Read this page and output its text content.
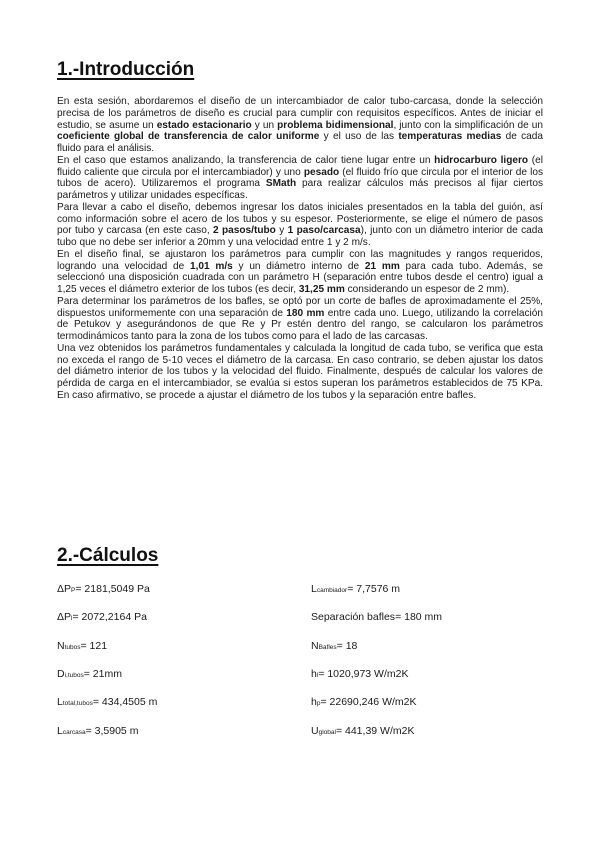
1.-Introducción

En esta sesión, abordaremos el diseño de un intercambiador de calor tubo-carcasa, donde la selección precisa de los parámetros de diseño es crucial para cumplir con requisitos específicos. Antes de iniciar el estudio, se asume un estado estacionario y un problema bidimensional, junto con la simplificación de un coeficiente global de transferencia de calor uniforme y el uso de las temperaturas medias de cada fluido para el análisis.

En el caso que estamos analizando, la transferencia de calor tiene lugar entre un hidrocarburo ligero (el fluido caliente que circula por el intercambiador) y uno pesado (el fluido frío que circula por el interior de los tubos de acero). Utilizaremos el programa SMath para realizar cálculos más precisos al fijar ciertos parámetros y utilizar unidades específicas.

Para llevar a cabo el diseño, debemos ingresar los datos iniciales presentados en la tabla del guión, así como información sobre el acero de los tubos y su espesor. Posteriormente, se elige el número de pasos por tubo y carcasa (en este caso, 2 pasos/tubo y 1 paso/carcasa), junto con un diámetro interior de cada tubo que no debe ser inferior a 20mm y una velocidad entre 1 y 2 m/s.

En el diseño final, se ajustaron los parámetros para cumplir con las magnitudes y rangos requeridos, logrando una velocidad de 1,01 m/s y un diámetro interno de 21 mm para cada tubo. Además, se seleccionó una disposición cuadrada con un parámetro H (separación entre tubos desde el centro) igual a 1,25 veces el diámetro exterior de los tubos (es decir, 31,25 mm considerando un espesor de 2 mm).

Para determinar los parámetros de los bafles, se optó por un corte de bafles de aproximadamente el 25%, dispuestos uniformemente con una separación de 180 mm entre cada uno. Luego, utilizando la correlación de Petukov y asegurándonos de que Re y Pr estén dentro del rango, se calcularon los parámetros termodinámicos tanto para la zona de los tubos como para el lado de las carcasas.

Una vez obtenidos los parámetros fundamentales y calculada la longitud de cada tubo, se verifica que esta no exceda el rango de 5-10 veces el diámetro de la carcasa. En caso contrario, se deben ajustar los datos del diámetro interior de los tubos y la velocidad del fluido. Finalmente, después de calcular los valores de pérdida de carga en el intercambiador, se evalúa si estos superan los parámetros establecidos de 75 KPa. En caso afirmativo, se procede a ajustar el diámetro de los tubos y la separación entre bafles.

2.-Cálculos
ΔPP= 2181,5049 Pa
ΔPl= 2072,2164 Pa
Ntubos= 121
Di,tubos= 21mm
Ltotal,tubos= 434,4505 m
Lcarcasa= 3,5905 m
Lcambiador= 7,7576 m
Separación bafles= 180 mm
NBafles= 18
hl= 1020,973 W/m2K
hp= 22690,246 W/m2K
Uglobal= 441,39 W/m2K
